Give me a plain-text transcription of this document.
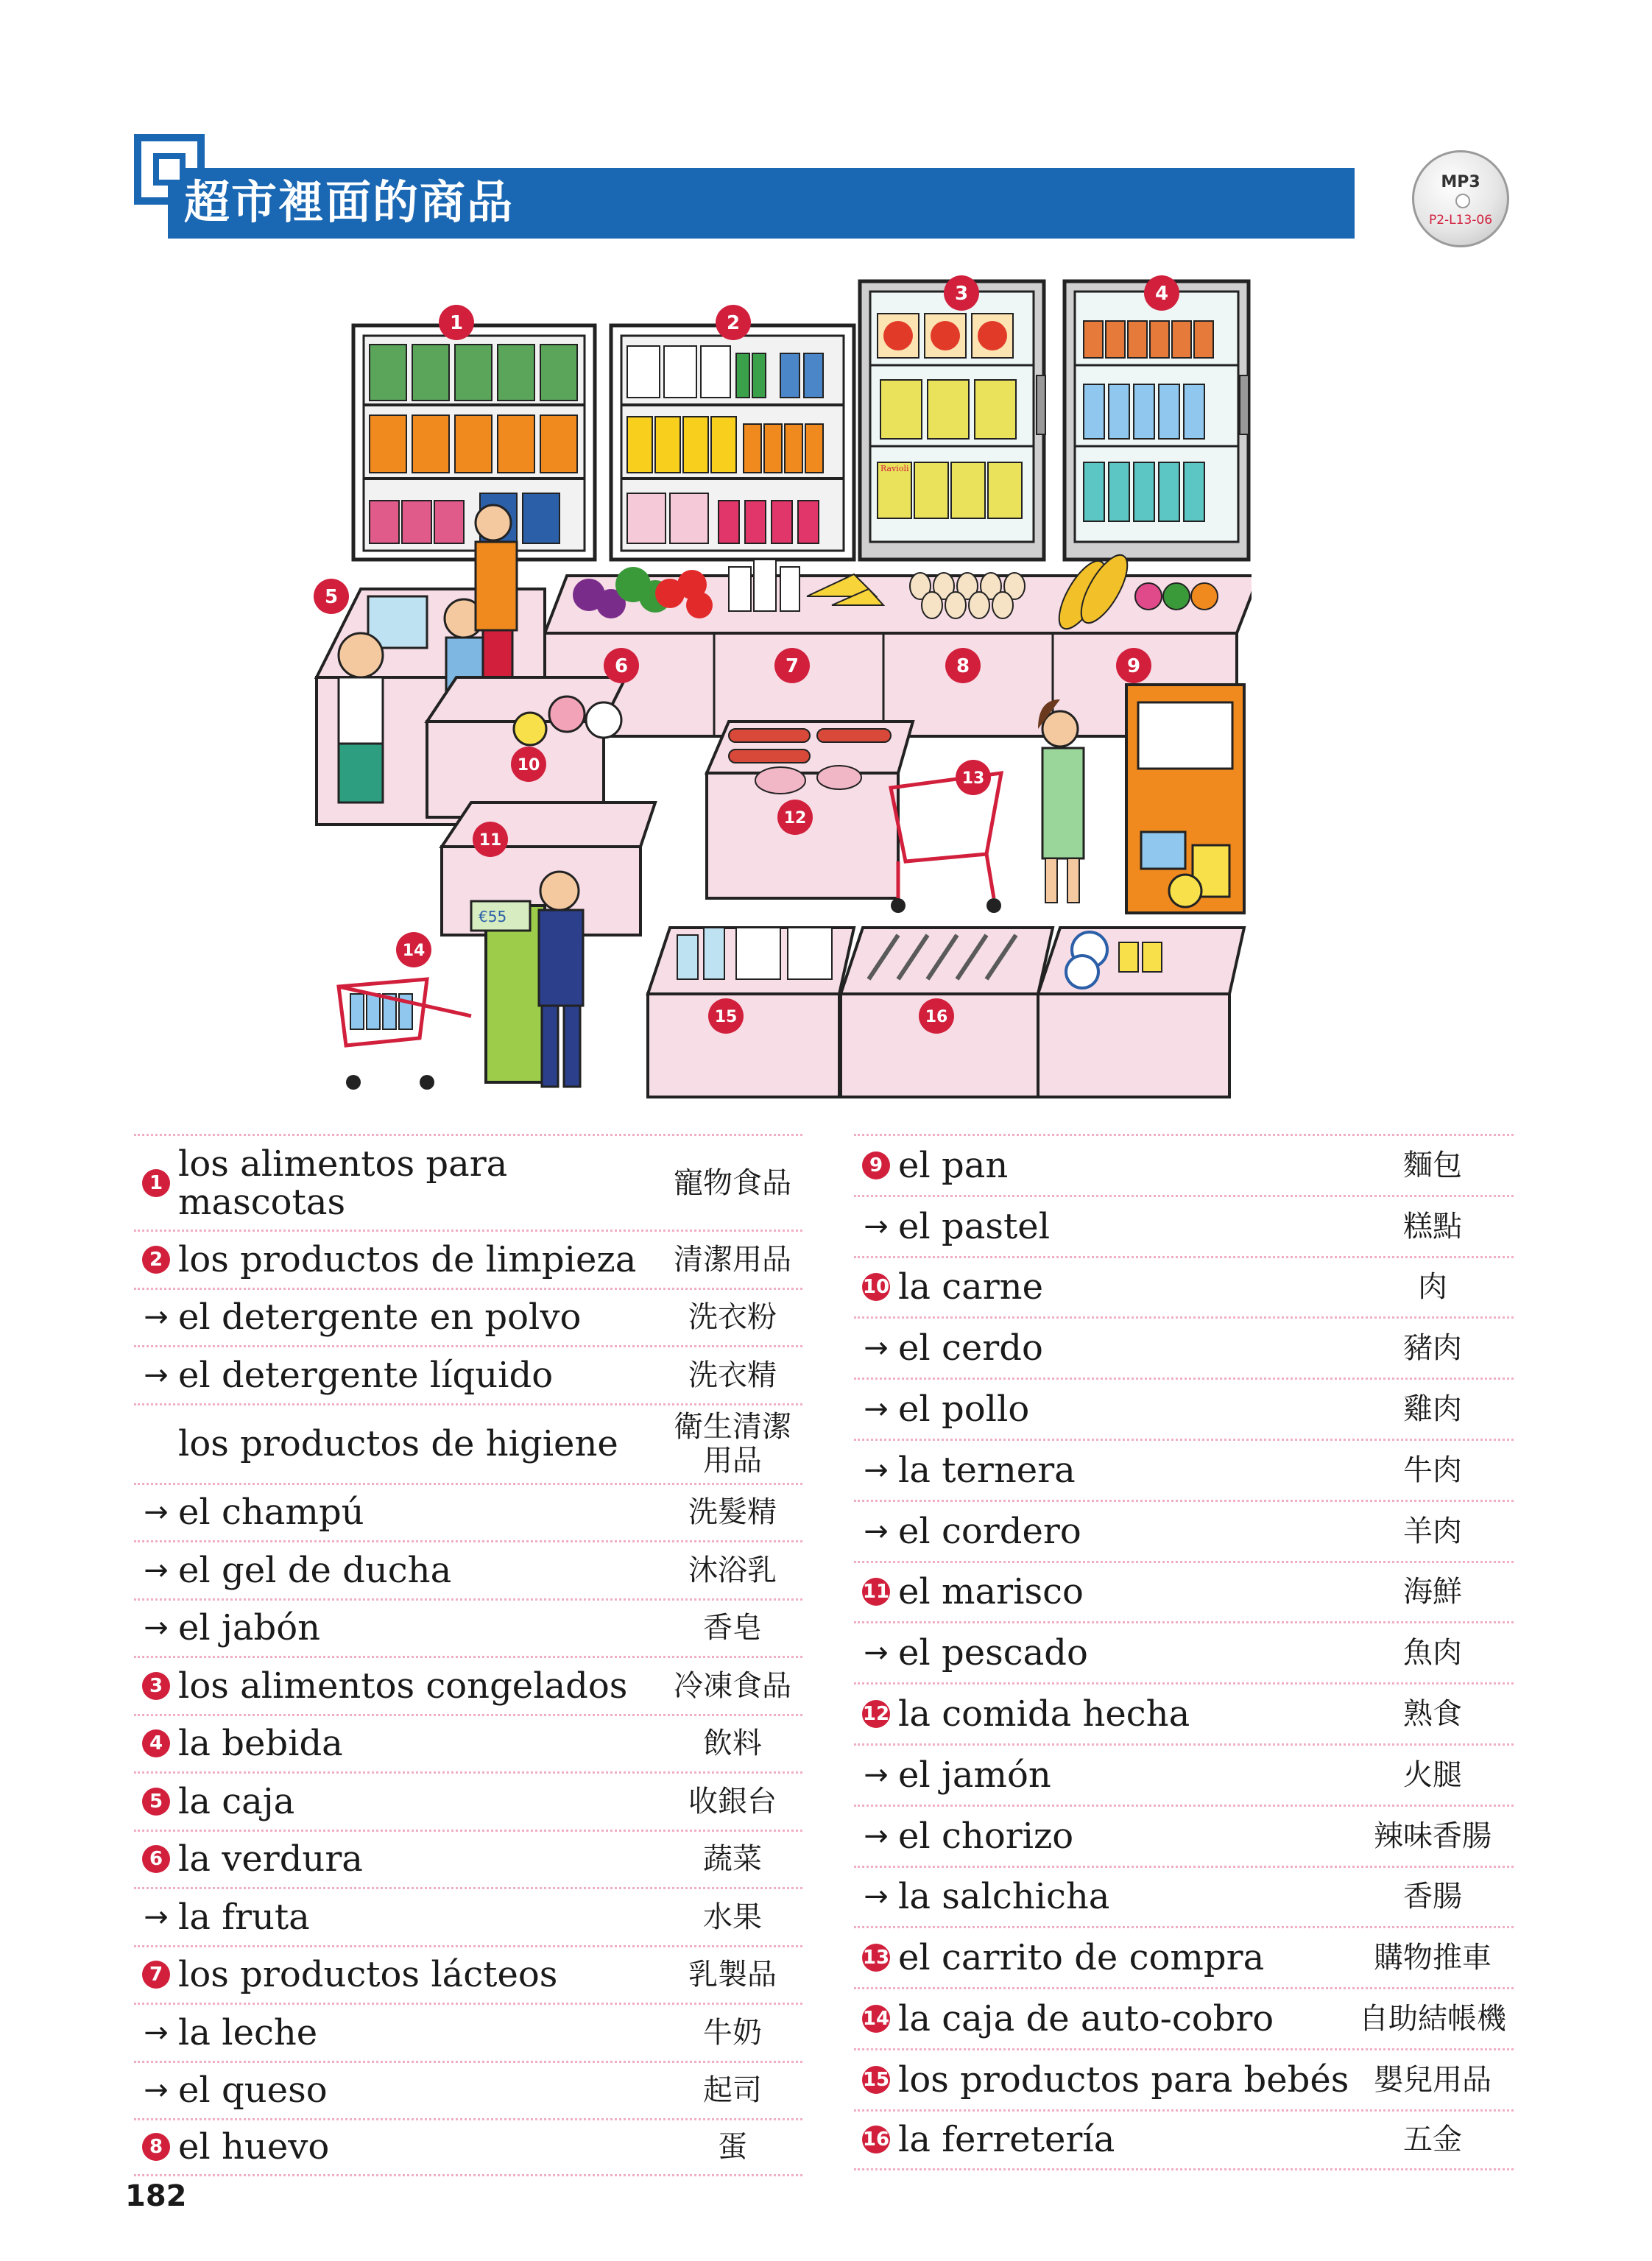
超市裡面的商品	MP3
P2-L13-06
Ravioli
€55
1	2
3	4
5
6	7	8	9
10
11
12
13
14
15	16
1 los alimentos para mascotas	寵物食品
2 los productos de limpieza	清潔用品
→ el detergente en polvo	洗衣粉
→ el detergente líquido	洗衣精
los productos de higiene	衛生清潔用品
→ el champú	洗髮精
→ el gel de ducha	沐浴乳
→ el jabón	香皂
3 los alimentos congelados	冷凍食品
4 la bebida	飲料
5 la caja	收銀台
6 la verdura	蔬菜
→ la fruta	水果
7 los productos lácteos	乳製品
→ la leche	牛奶
→ el queso	起司
8 el huevo	蛋
9 el pan	麵包
→ el pastel	糕點
10 la carne	肉
→ el cerdo	豬肉
→ el pollo	雞肉
→ la ternera	牛肉
→ el cordero	羊肉
11 el marisco	海鮮
→ el pescado	魚肉
12 la comida hecha	熟食
→ el jamón	火腿
→ el chorizo	辣味香腸
→ la salchicha	香腸
13 el carrito de compra	購物推車
14 la caja de auto-cobro	自助結帳機
15 los productos para bebés 嬰兒用品
16 la ferretería	五金
182
